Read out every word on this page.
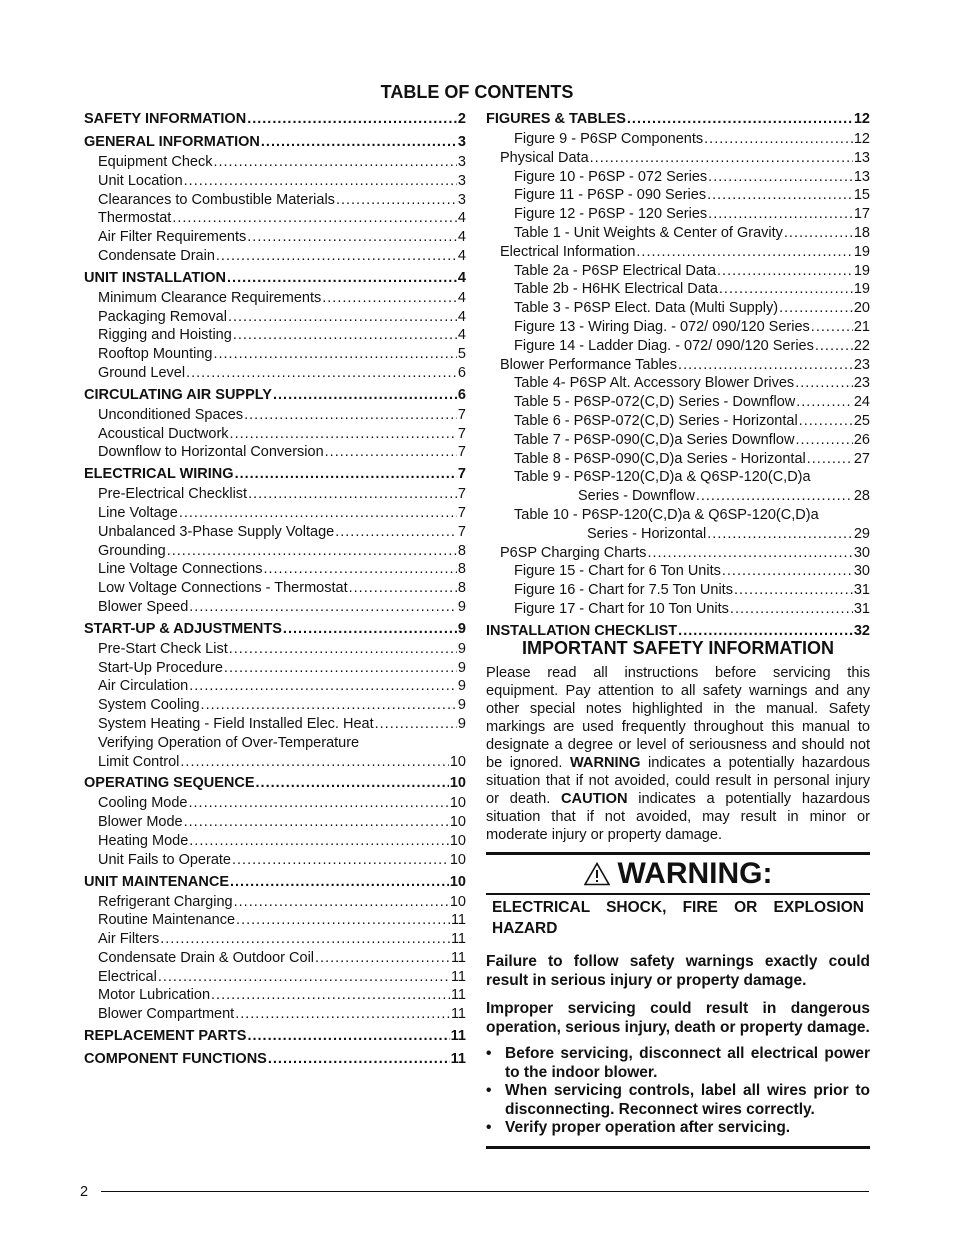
TABLE OF CONTENTS
SAFETY INFORMATION .....	2
GENERAL INFORMATION .....	3
Equipment Check .....	3
Unit Location .....	3
Clearances to Combustible Materials .....	3
Thermostat .....	4
Air Filter Requirements .....	4
Condensate Drain .....	4
UNIT INSTALLATION .....	4
Minimum Clearance Requirements .....	4
Packaging Removal .....	4
Rigging and Hoisting .....	4
Rooftop Mounting .....	5
Ground Level .....	6
CIRCULATING AIR SUPPLY .....	6
Unconditioned Spaces .....	7
Acoustical Ductwork .....	7
Downflow to Horizontal Conversion .....	7
ELECTRICAL WIRING .....	7
Pre-Electrical Checklist .....	7
Line Voltage .....	7
Unbalanced 3-Phase Supply Voltage .....	7
Grounding .....	8
Line Voltage Connections .....	8
Low Voltage Connections - Thermostat .....	8
Blower Speed .....	9
START-UP & ADJUSTMENTS .....	9
Pre-Start Check List .....	9
Start-Up Procedure .....	9
Air Circulation .....	9
System Cooling .....	9
System Heating - Field Installed Elec. Heat .....	9
Verifying Operation of Over-Temperature
Limit Control .....	10
OPERATING SEQUENCE .....	10
Cooling Mode .....	10
Blower Mode .....	10
Heating Mode .....	10
Unit Fails to Operate .....	10
UNIT MAINTENANCE .....	10
Refrigerant Charging .....	10
Routine Maintenance .....	11
Air Filters .....	11
Condensate Drain & Outdoor Coil .....	11
Electrical .....	11
Motor Lubrication .....	11
Blower Compartment .....	11
REPLACEMENT PARTS .....	11
COMPONENT FUNCTIONS .....	11
FIGURES & TABLES .....	12
Figure 9 - P6SP Components .....	12
Physical Data .....	13
Figure 10 - P6SP - 072 Series .....	13
Figure 11 - P6SP - 090 Series .....	15
Figure 12 - P6SP - 120 Series .....	17
Table 1 - Unit Weights & Center of Gravity .....	18
Electrical Information .....	19
Table 2a - P6SP Electrical Data .....	19
Table 2b - H6HK Electrical Data .....	19
Table 3 - P6SP Elect. Data (Multi Supply) .....	20
Figure 13 - Wiring Diag. - 072/ 090/120 Series .....	21
Figure 14 - Ladder Diag. - 072/ 090/120 Series .....	22
Blower Performance Tables .....	23
Table 4- P6SP Alt. Accessory Blower Drives .....	23
Table 5 - P6SP-072(C,D) Series - Downflow .....	24
Table 6 - P6SP-072(C,D) Series - Horizontal .....	25
Table 7 - P6SP-090(C,D)a Series Downflow .....	26
Table 8 - P6SP-090(C,D)a Series - Horizontal .....	27
Table 9 - P6SP-120(C,D)a & Q6SP-120(C,D)a
Series - Downflow .....	28
Table 10 - P6SP-120(C,D)a & Q6SP-120(C,D)a
Series - Horizontal .....	29
P6SP Charging Charts .....	30
Figure 15 - Chart for 6 Ton Units .....	30
Figure 16 - Chart for 7.5 Ton Units .....	31
Figure 17 - Chart for 10 Ton Units .....	31
INSTALLATION CHECKLIST .....	32
IMPORTANT SAFETY INFORMATION
Please read all instructions before servicing this equipment. Pay attention to all safety warnings and any other special notes highlighted in the manual. Safety markings are used frequently throughout this manual to designate a degree or level of seriousness and should not be ignored. WARNING indicates a potentially hazardous situation that if not avoided, could result in personal injury or death. CAUTION indicates a potentially hazardous situation that if not avoided, may result in minor or moderate injury or property damage.
WARNING:
ELECTRICAL SHOCK, FIRE OR EXPLOSION HAZARD
Failure to follow safety warnings exactly could result in serious injury or property damage.
Improper servicing could result in dangerous operation, serious injury, death or property damage.
• Before servicing, disconnect all electrical power to the indoor blower.
• When servicing controls, label all wires prior to disconnecting. Reconnect wires correctly.
• Verify proper operation after servicing.
2
